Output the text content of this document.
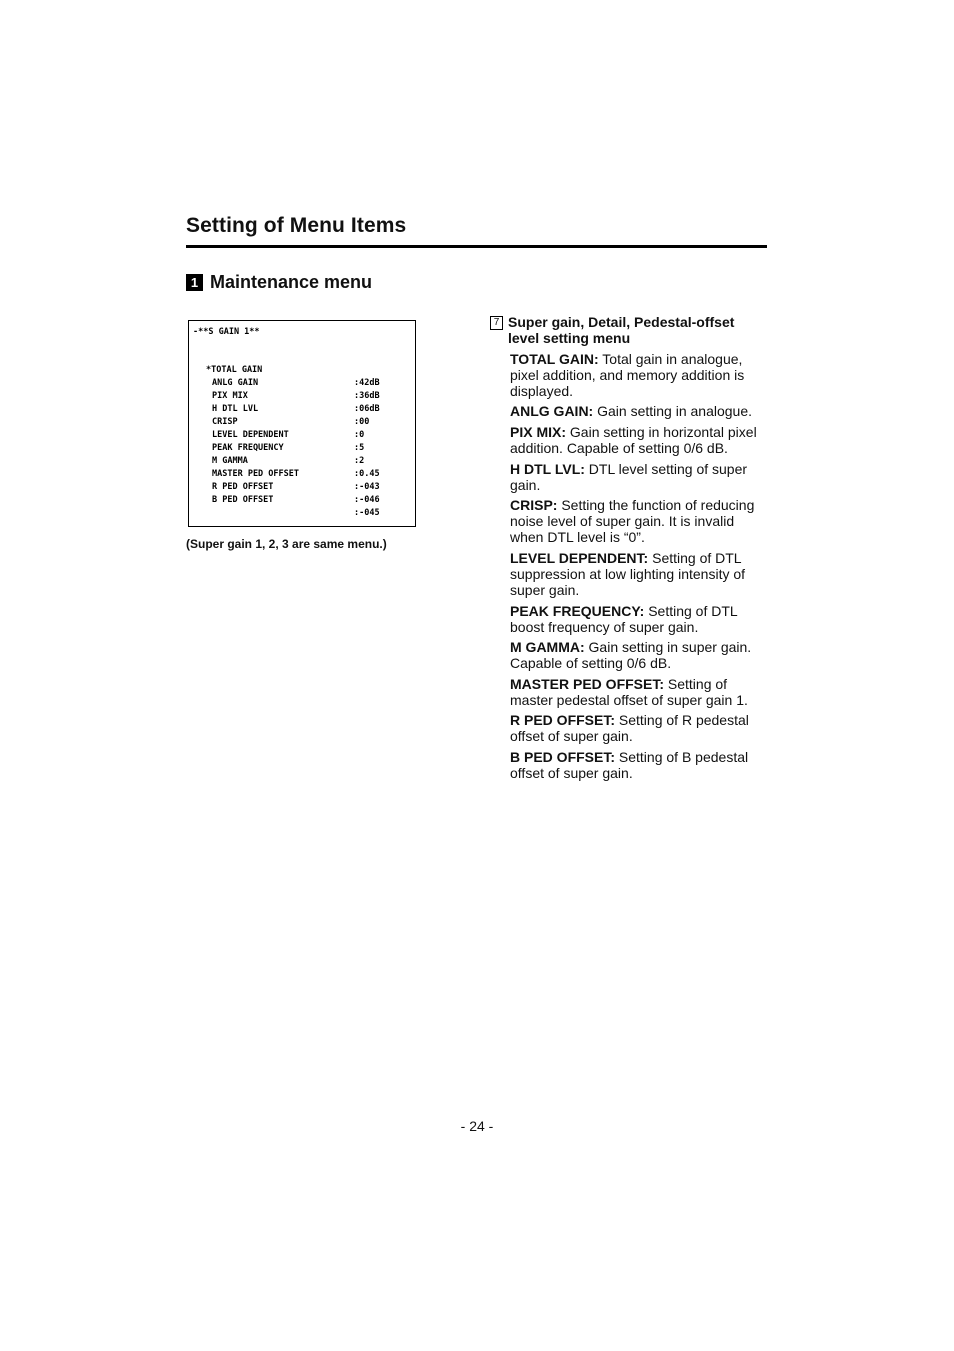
Setting of Menu Items
1 Maintenance menu
-**S GAIN 1**

*TOTAL GAIN

:42dB

ANLG GAIN

:36dB

PIX MIX

:06dB

H DTL LVL

:00

CRISP

:0

LEVEL DEPENDENT

:5

PEAK FREQUENCY

:2

M GAMMA

:0.45

MASTER PED OFFSET

:-043

R PED OFFSET

:-046

B PED OFFSET

:-045

(Super gain 1, 2, 3 are same menu.)
7 Super gain, Detail, Pedestal-offset level setting menu
TOTAL GAIN: Total gain in analogue, pixel addition, and memory addition is displayed.
ANLG GAIN: Gain setting in analogue.
PIX MIX: Gain setting in horizontal pixel addition. Capable of setting 0/6 dB.
H DTL LVL: DTL level setting of super gain.
CRISP: Setting the function of reducing noise level of super gain. It is invalid when DTL level is “0”.
LEVEL DEPENDENT: Setting of DTL suppression at low lighting intensity of super gain.
PEAK FREQUENCY: Setting of DTL boost frequency of super gain.
M GAMMA: Gain setting in super gain. Capable of setting 0/6 dB.
MASTER PED OFFSET: Setting of master pedestal offset of super gain 1.
R PED OFFSET: Setting of R pedestal offset of super gain.
B PED OFFSET: Setting of B pedestal offset of super gain.
- 24 -
